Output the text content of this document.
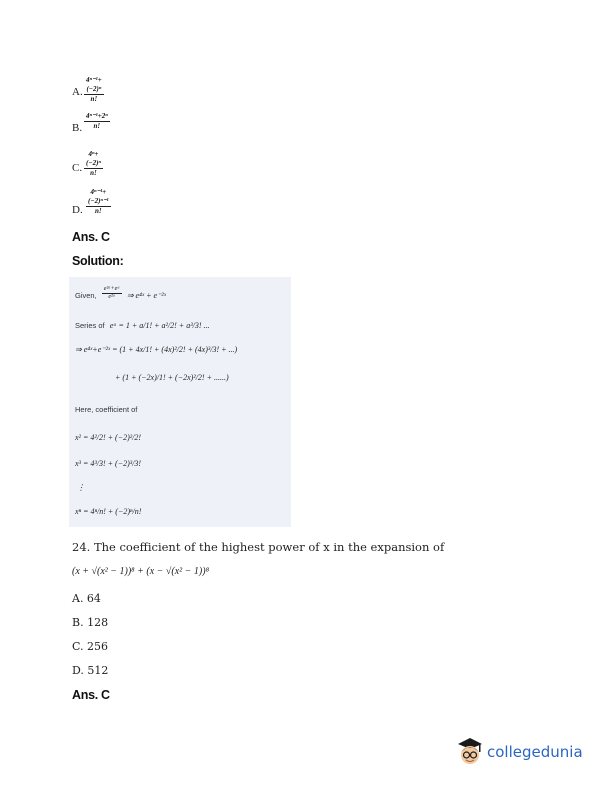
A. $\frac{\text{4ⁿ⁻¹+(−2)ⁿ}}{n!}$
B. $\frac{\text{4ⁿ⁻¹+2ⁿ}}{n!}$
C. $\frac{\text{4ⁿ+(−2)ⁿ}}{n!}$
D. $\frac{\text{4ⁿ⁻¹+(−2)ⁿ⁻¹}}{n!}$
Ans. C
Solution:
Given, $\frac{\text{e²ᵃ+eᵃ}}{\text{e²ᵃ}}$ ⇒ e⁴ˣ + e⁻²ˣ
Series of eᵃ = 1 + a/1! + a²/2! + a³/3! ...
⇒ e⁴ˣ+e⁻²ˣ = (1 + 4x/1! + (4x)²/2! + (4x)³/3! + ...)
+ (1 + (−2x)/1! + (−2x)²/2! + ......)
Here, coefficient of
x² = 4²/2! + (−2)²/2!
x³ = 4³/3! + (−2)³/3!
⋮
xⁿ = 4ⁿ/n! + (−2)ⁿ/n!
24. The coefficient of the highest power of x in the expansion of
(x + √(x² − 1))⁸ + (x − √(x² − 1))⁸
A. 64
B. 128
C. 256
D. 512
Ans. C
collegedunia
